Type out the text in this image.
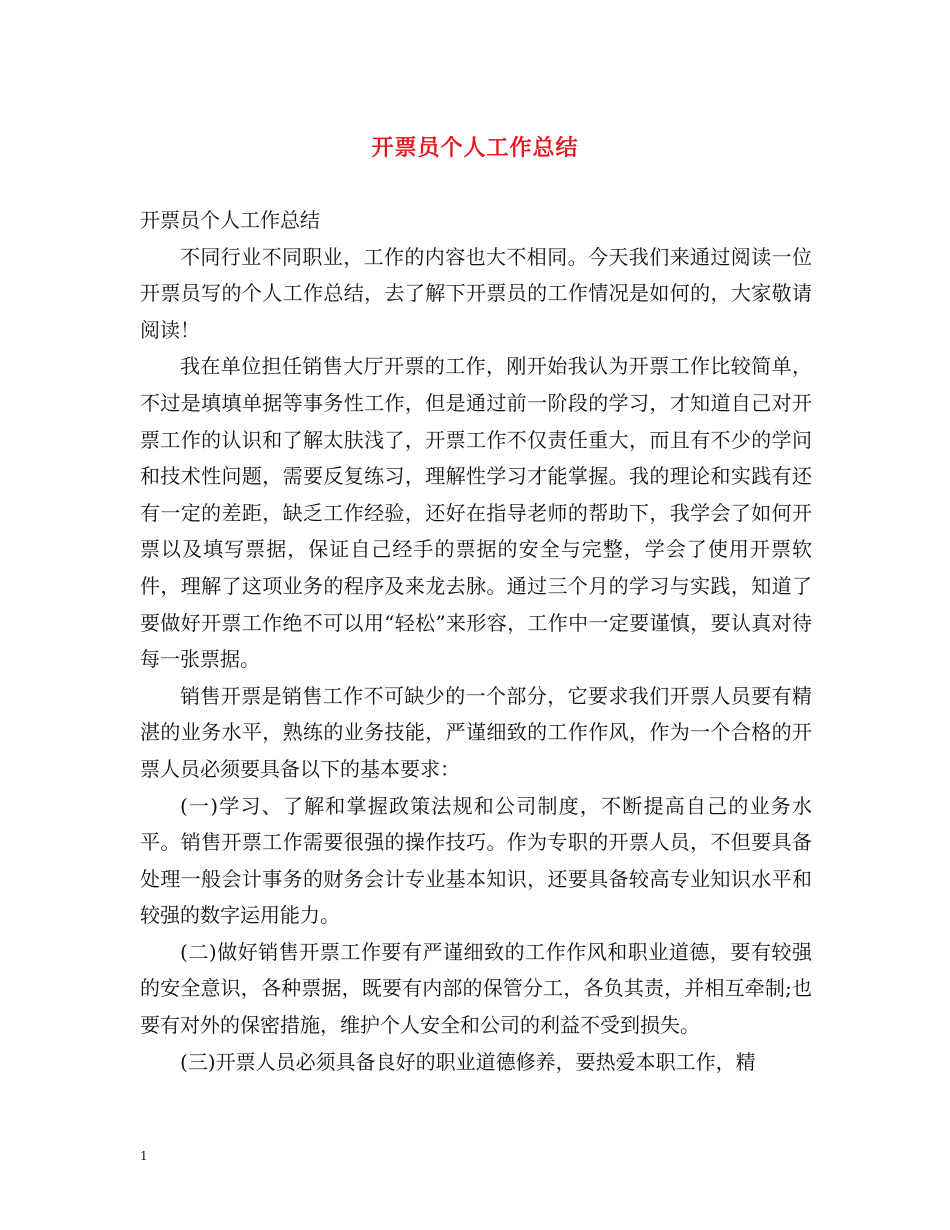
开票员个人工作总结

开票员个人工作总结

不同行业不同职业，工作的内容也大不相同。今天我们来通过阅读一位开票员写的个人工作总结，去了解下开票员的工作情况是如何的，大家敬请阅读！

我在单位担任销售大厅开票的工作，刚开始我认为开票工作比较简单，不过是填填单据等事务性工作，但是通过前一阶段的学习，才知道自己对开票工作的认识和了解太肤浅了，开票工作不仅责任重大，而且有不少的学问和技术性问题，需要反复练习，理解性学习才能掌握。我的理论和实践有还有一定的差距，缺乏工作经验，还好在指导老师的帮助下，我学会了如何开票以及填写票据，保证自己经手的票据的安全与完整，学会了使用开票软件，理解了这项业务的程序及来龙去脉。通过三个月的学习与实践，知道了要做好开票工作绝不可以用“轻松”来形容，工作中一定要谨慎，要认真对待每一张票据。

销售开票是销售工作不可缺少的一个部分，它要求我们开票人员要有精湛的业务水平，熟练的业务技能，严谨细致的工作作风，作为一个合格的开票人员必须要具备以下的基本要求：

(一)学习、了解和掌握政策法规和公司制度，不断提高自己的业务水平。销售开票工作需要很强的操作技巧。作为专职的开票人员，不但要具备处理一般会计事务的财务会计专业基本知识，还要具备较高专业知识水平和较强的数字运用能力。

(二)做好销售开票工作要有严谨细致的工作作风和职业道德，要有较强的安全意识，各种票据，既要有内部的保管分工，各负其责，并相互牵制;也要有对外的保密措施，维护个人安全和公司的利益不受到损失。

(三)开票人员必须具备良好的职业道德修养，要热爱本职工作，精

1
